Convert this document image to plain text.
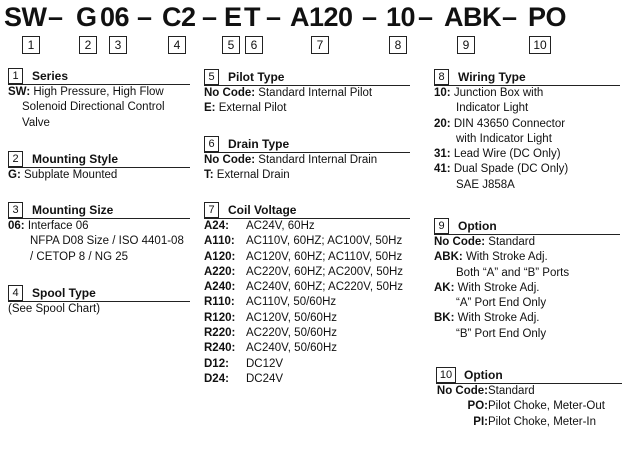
SW – G 06 – C2 – E T – A120 – 10 – ABK – PO
1	2	3	4	5	6	7	8	9	10
1	Series
SW: High Pressure, High Flow
Solenoid Directional Control
Valve
2	Mounting Style
G: Subplate Mounted
3	Mounting Size
06: Interface 06
NFPA D08 Size / ISO 4401-08
/ CETOP 8 / NG 25
4	Spool Type
(See Spool Chart)
5	Pilot Type
No Code: Standard Internal Pilot
E: External Pilot
6	Drain Type
No Code: Standard Internal Drain
T: External Drain
7	Coil Voltage
A24:	AC24V, 60Hz
A110: AC110V, 60HZ; AC100V, 50Hz
A120: AC120V, 60HZ; AC110V, 50Hz
A220: AC220V, 60HZ; AC200V, 50Hz
A240: AC240V, 60HZ; AC220V, 50Hz
R110: AC110V, 50/60Hz
R120: AC120V, 50/60Hz
R220: AC220V, 50/60Hz
R240: AC240V, 50/60Hz
D12:	DC12V
D24:	DC24V
8	Wiring Type
10: Junction Box with
Indicator Light
20: DIN 43650 Connector
with Indicator Light
31: Lead Wire (DC Only)
41: Dual Spade (DC Only)
SAE J858A
9	Option
No Code: Standard
ABK: With Stroke Adj.
Both “A” and “B” Ports
AK: With Stroke Adj.
“A” Port End Only
BK: With Stroke Adj.
“B” Port End Only
10 Option
No Code: Standard
PO: Pilot Choke, Meter-Out
PI: Pilot Choke, Meter-In
